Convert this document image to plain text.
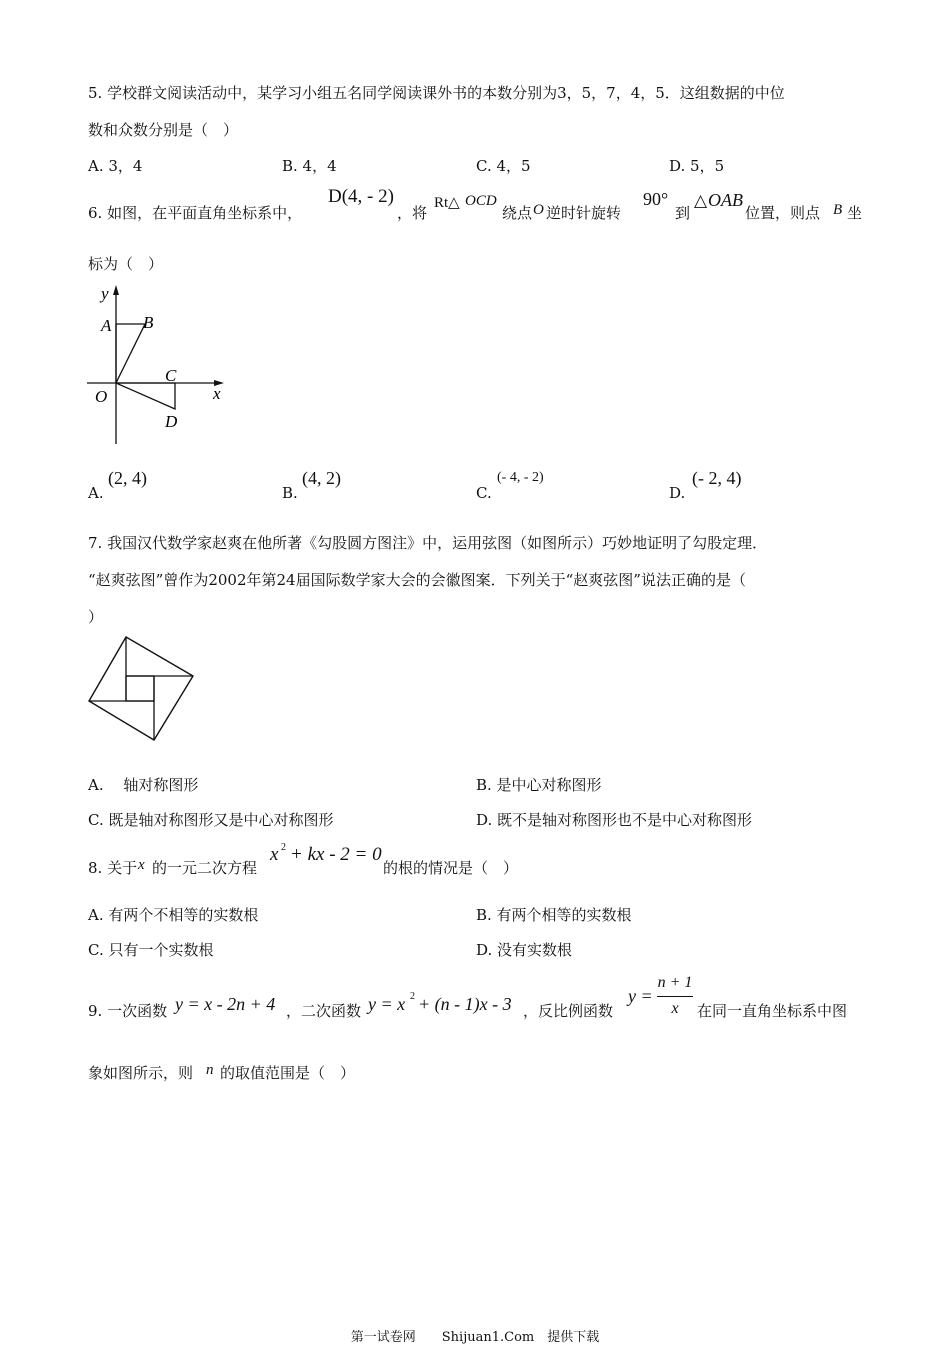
5. 学校群文阅读活动中，某学习小组五名同学阅读课外书的本数分别为3，5，7，4，5．这组数据的中位
数和众数分别是（　）
A. 3，4	B. 4，4	C. 4，5	D. 5，5
6. 如图，在平面直角坐标系中，
D(4, - 2)
，将
Rt△ OCD
绕点 O 逆时针旋转
90°
到
△ OAB
位置，则点 B 坐
标为（　）
y
x
A B
C
D
O
A.
(2, 4)
B.
(4, 2)
C.
(- 4, - 2)
D.
(- 2, 4)
7. 我国汉代数学家赵爽在他所著《勾股圆方图注》中，运用弦图（如图所示）巧妙地证明了勾股定理．
“赵爽弦图”曾作为2002年第24届国际数学家大会的会徽图案．下列关于“赵爽弦图”说法正确的是（
）
A.　 轴对称图形	B. 是中心对称图形
C. 既是轴对称图形又是中心对称图形	D. 既不是轴对称图形也不是中心对称图形
8. 关于 x 的一元二次方程
x 2 + kx - 2 = 0
的根的情况是（　）
A. 有两个不相等的实数根	B. 有两个相等的实数根
C. 只有一个实数根	D. 没有实数根
9. 一次函数 y = x - 2n + 4 ，二次函数 y = x 2 + (n - 1)x - 3 ，反比例函数
y =
n + 1
x	在同一直角坐标系中图
象如图所示，则 n 的取值范围是（　）
第一试卷网　　Shijuan1.Com　提供下载
